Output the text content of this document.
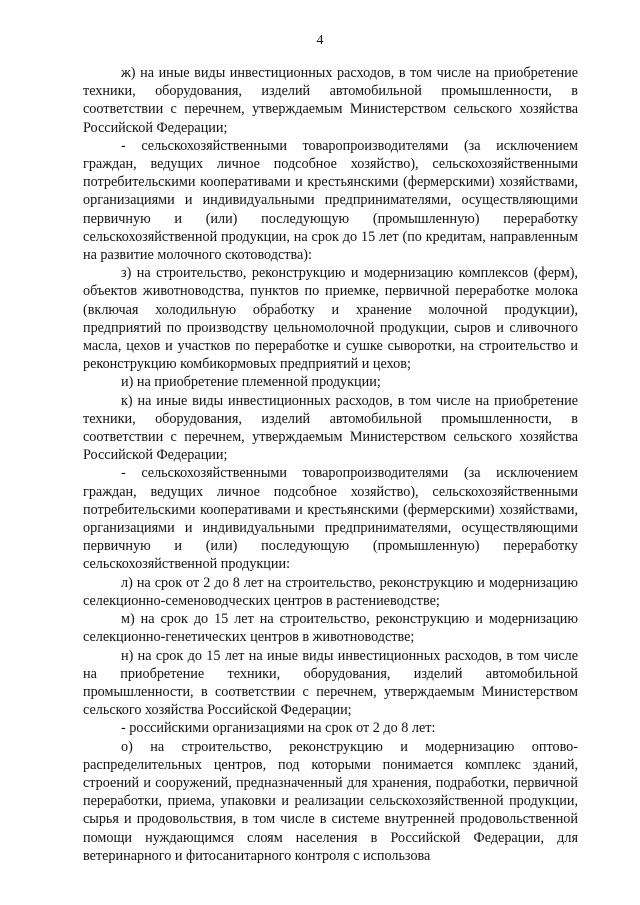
4

ж) на иные виды инвестиционных расходов, в том числе на приобретение техники, оборудования, изделий автомобильной промышленности, в соответствии с перечнем, утверждаемым Министерством сельского хозяйства Российской Федерации;

- сельскохозяйственными товаропроизводителями (за исключением граждан, ведущих личное подсобное хозяйство), сельскохозяйственными потребительскими кооперативами и крестьянскими (фермерскими) хозяйствами, организациями и индивидуальными предпринимателями, осуществляющими первичную и (или) последующую (промышленную) переработку сельскохозяйственной продукции, на срок до 15 лет (по кредитам, направленным на развитие молочного скотоводства):

з) на строительство, реконструкцию и модернизацию комплексов (ферм), объектов животноводства, пунктов по приемке, первичной переработке молока (включая холодильную обработку и хранение молочной продукции), предприятий по производству цельномолочной продукции, сыров и сливочного масла, цехов и участков по переработке и сушке сыворотки, на строительство и реконструкцию комбикормовых предприятий и цехов;

и) на приобретение племенной продукции;

к) на иные виды инвестиционных расходов, в том числе на приобретение техники, оборудования, изделий автомобильной промышленности, в соответствии с перечнем, утверждаемым Министерством сельского хозяйства Российской Федерации;

- сельскохозяйственными товаропроизводителями (за исключением граждан, ведущих личное подсобное хозяйство), сельскохозяйственными потребительскими кооперативами и крестьянскими (фермерскими) хозяйствами, организациями и индивидуальными предпринимателями, осуществляющими первичную и (или) последующую (промышленную) переработку сельскохозяйственной продукции:

л) на срок от 2 до 8 лет на строительство, реконструкцию и модернизацию селекционно-семеноводческих центров в растениеводстве;

м) на срок до 15 лет на строительство, реконструкцию и модернизацию селекционно-генетических центров в животноводстве;

н) на срок до 15 лет на иные виды инвестиционных расходов, в том числе на приобретение техники, оборудования, изделий автомобильной промышленности, в соответствии с перечнем, утверждаемым Министерством сельского хозяйства Российской Федерации;

- российскими организациями на срок от 2 до 8 лет:

о) на строительство, реконструкцию и модернизацию оптово-распределительных центров, под которыми понимается комплекс зданий, строений и сооружений, предназначенный для хранения, подработки, первичной переработки, приема, упаковки и реализации сельскохозяйственной продукции, сырья и продовольствия, в том числе в системе внутренней продовольственной помощи нуждающимся слоям населения в Российской Федерации, для ветеринарного и фитосанитарного контроля с использова
